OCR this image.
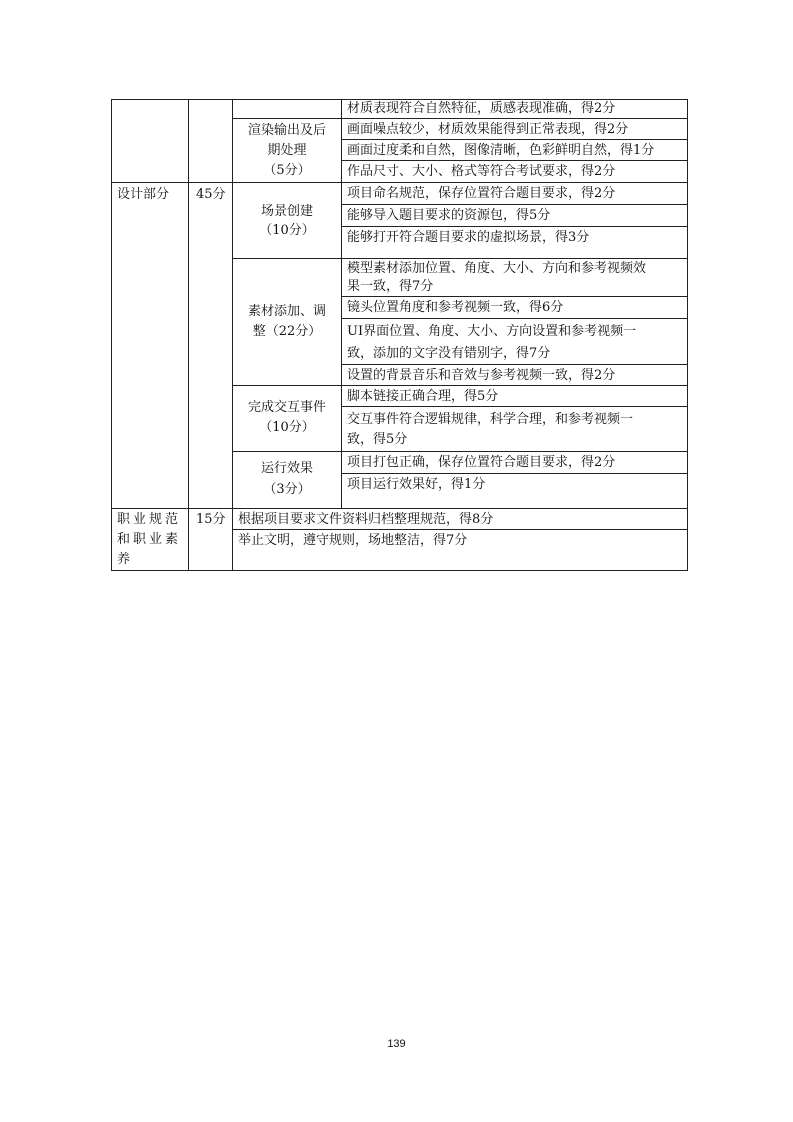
材质表现符合自然特征，质感表现准确，得2分
渲染输出及后
期处理
（5分）
画面噪点较少，材质效果能得到正常表现，得2分
画面过度柔和自然，图像清晰，色彩鲜明自然，得1分
作品尺寸、大小、格式等符合考试要求，得2分
设计部分 45分
场景创建
（10分）
项目命名规范，保存位置符合题目要求，得2分
能够导入题目要求的资源包，得5分
能够打开符合题目要求的虚拟场景，得3分
素材添加、调
整（22分）
模型素材添加位置、角度、大小、方向和参考视频效
果一致，得7分
镜头位置角度和参考视频一致，得6分
UI界面位置、角度、大小、方向设置和参考视频一
致，添加的文字没有错别字，得7分
设置的背景音乐和音效与参考视频一致，得2分
完成交互事件
（10分）
脚本链接正确合理，得5分
交互事件符合逻辑规律，科学合理，和参考视频一
致，得5分
运行效果
（3分）
项目打包正确，保存位置符合题目要求，得2分
项目运行效果好，得1分
职业规范
和职业素
养
15分 根据项目要求文件资料归档整理规范，得8分
举止文明，遵守规则，场地整洁，得7分
139
